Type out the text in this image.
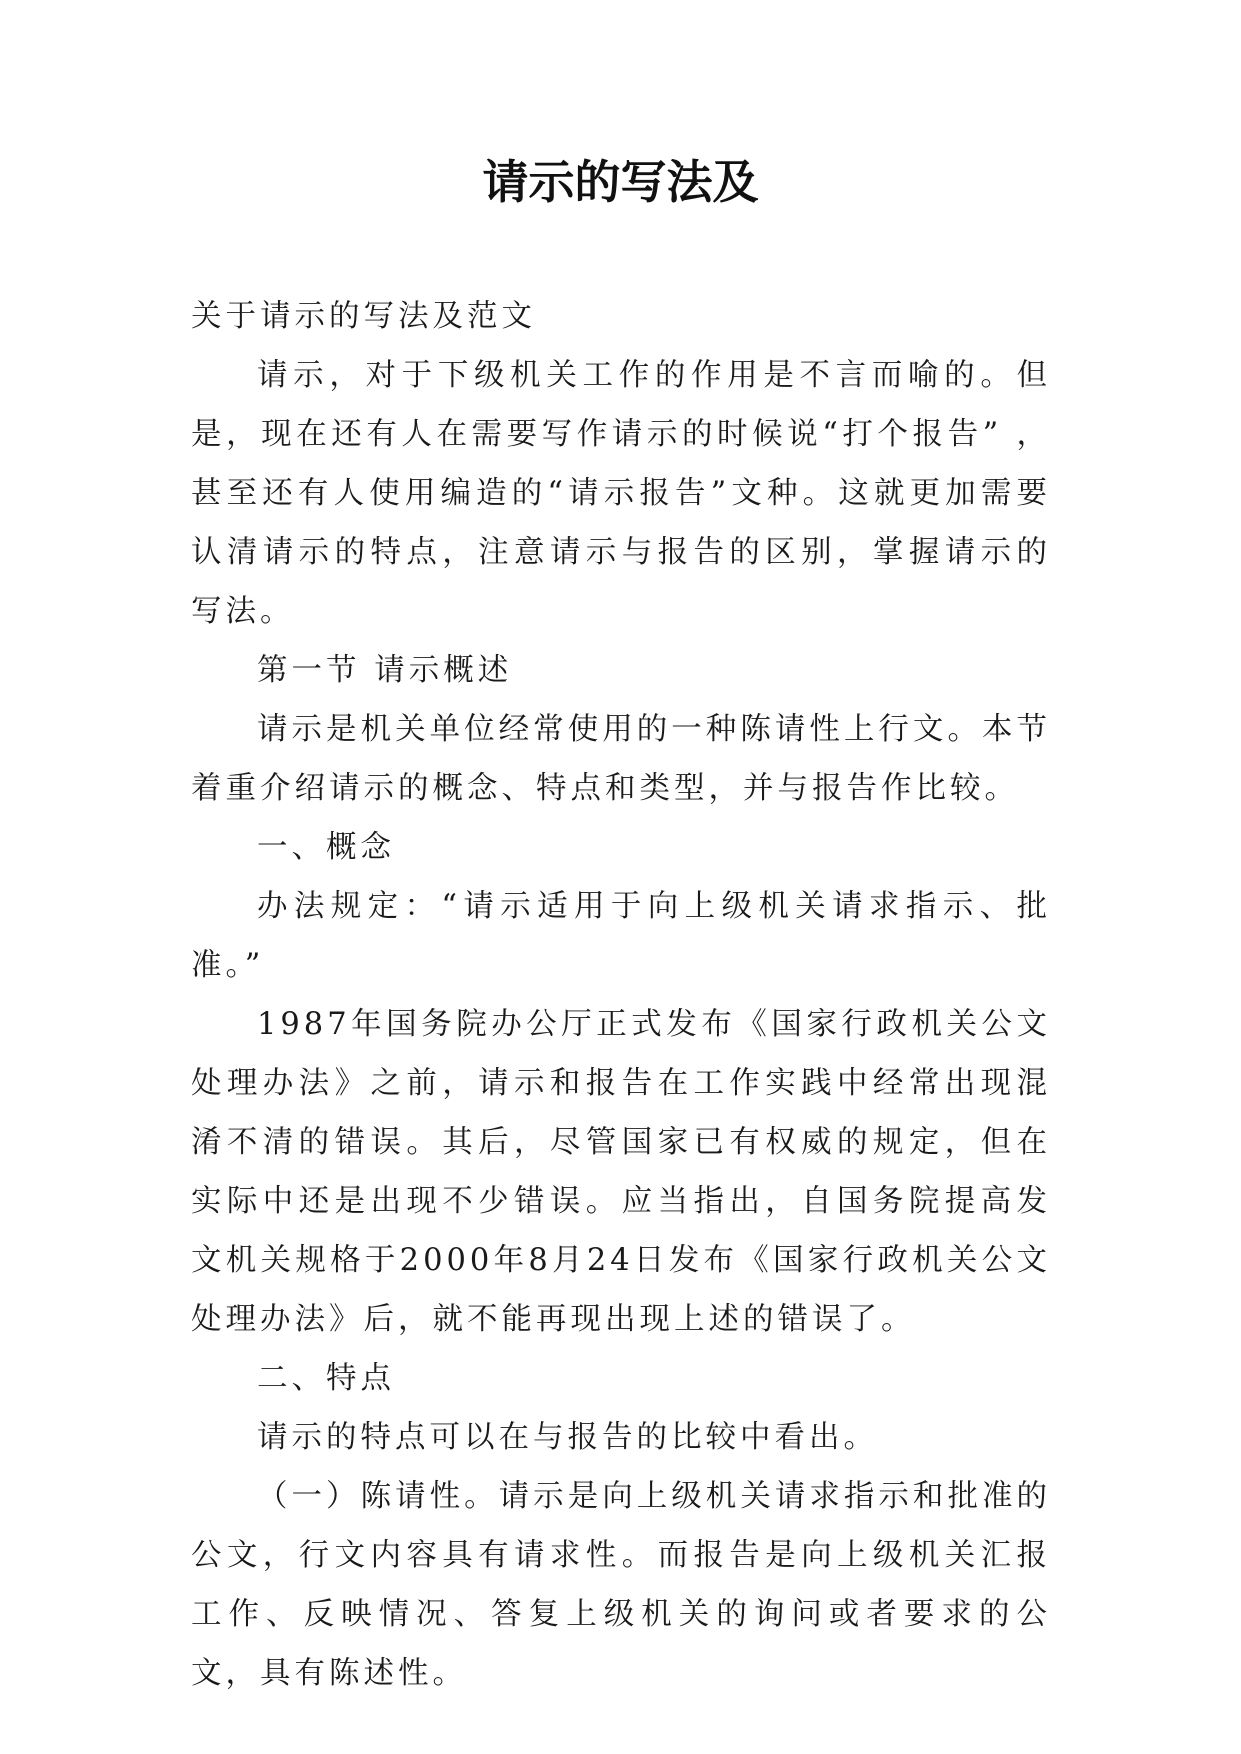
请示的写法及

关于请示的写法及范文

请示，对于下级机关工作的作用是不言而喻的。但是，现在还有人在需要写作请示的时候说“打个报告” ，甚至还有人使用编造的“请示报告”文种。这就更加需要认清请示的特点，注意请示与报告的区别，掌握请示的写法。

第一节 请示概述

请示是机关单位经常使用的一种陈请性上行文。本节着重介绍请示的概念、特点和类型，并与报告作比较。

一、概念

办法规定：“请示适用于向上级机关请求指示、批准。”

1987年国务院办公厅正式发布《国家行政机关公文处理办法》之前，请示和报告在工作实践中经常出现混淆不清的错误。其后，尽管国家已有权威的规定，但在实际中还是出现不少错误。应当指出，自国务院提高发文机关规格于2000年8月24日发布《国家行政机关公文处理办法》后，就不能再现出现上述的错误了。

二、特点

请示的特点可以在与报告的比较中看出。

（一）陈请性。请示是向上级机关请求指示和批准的公文，行文内容具有请求性。而报告是向上级机关汇报工作、反映情况、答复上级机关的询问或者要求的公文，具有陈述性。
